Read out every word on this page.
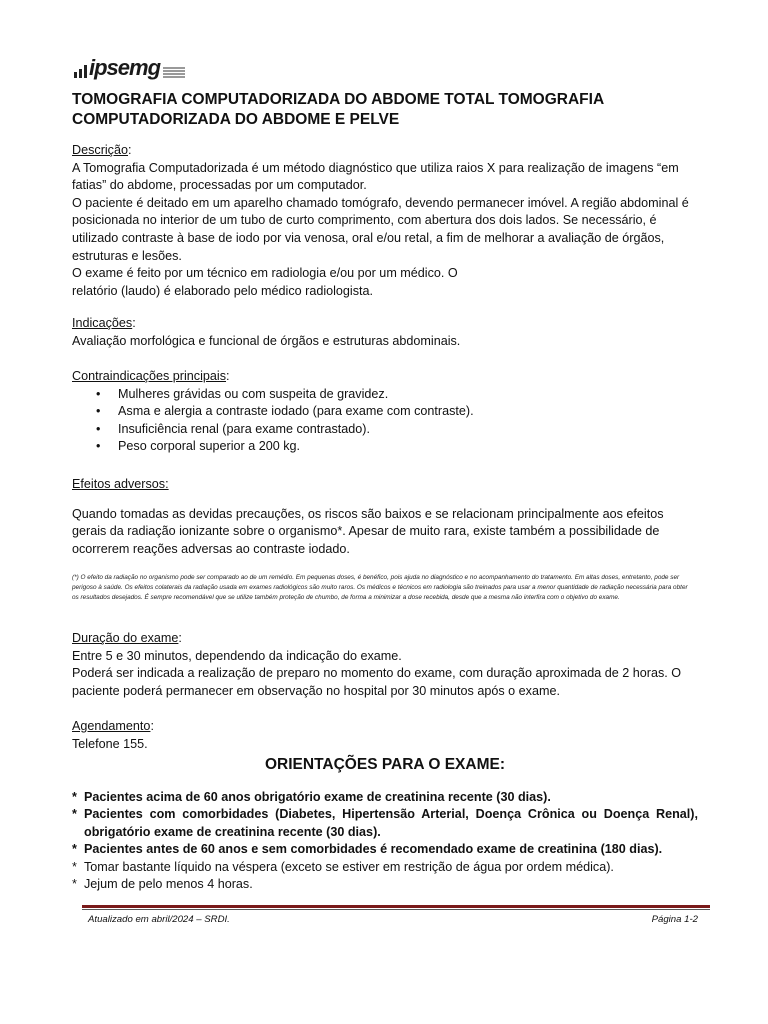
ipsemg
TOMOGRAFIA COMPUTADORIZADA DO ABDOME TOTAL TOMOGRAFIA COMPUTADORIZADA DO ABDOME E PELVE

Descrição:

A Tomografia Computadorizada é um método diagnóstico que utiliza raios X para realização de imagens “em fatias” do abdome, processadas por um computador.

O paciente é deitado em um aparelho chamado tomógrafo, devendo permanecer imóvel. A região abdominal é posicionada no interior de um tubo de curto comprimento, com abertura dos dois lados. Se necessário, é utilizado contraste à base de iodo por via venosa, oral e/ou retal, a fim de melhorar a avaliação de órgãos, estruturas e lesões.

O exame é feito por um técnico em radiologia e/ou por um médico. O

relatório (laudo) é elaborado pelo médico radiologista.

Indicações:

Avaliação morfológica e funcional de órgãos e estruturas abdominais.

Contraindicações principais:

• Mulheres grávidas ou com suspeita de gravidez.
• Asma e alergia a contraste iodado (para exame com contraste).
• Insuficiência renal (para exame contrastado).
• Peso corporal superior a 200 kg.

Efeitos adversos:

Quando tomadas as devidas precauções, os riscos são baixos e se relacionam principalmente aos efeitos gerais da radiação ionizante sobre o organismo*. Apesar de muito rara, existe também a possibilidade de ocorrerem reações adversas ao contraste iodado.

(*) O efeito da radiação no organismo pode ser comparado ao de um remédio. Em pequenas doses, é benéfico, pois ajuda no diagnóstico e no acompanhamento do tratamento. Em altas doses, entretanto, pode ser perigoso à saúde. Os efeitos colaterais da radiação usada em exames radiológicos são muito raros. Os médicos e técnicos em radiologia são treinados para usar a menor quantidade de radiação necessária para obter os resultados desejados. É sempre recomendável que se utilize também proteção de chumbo, de forma a minimizar a dose recebida, desde que a mesma não interfira com o objetivo do exame.

Duração do exame:

Entre 5 e 30 minutos, dependendo da indicação do exame.

Poderá ser indicada a realização de preparo no momento do exame, com duração aproximada de 2 horas. O paciente poderá permanecer em observação no hospital por 30 minutos após o exame.

Agendamento:

Telefone 155.

ORIENTAÇÕES PARA O EXAME:
* Pacientes acima de 60 anos obrigatório exame de creatinina recente (30 dias).
* Pacientes com comorbidades (Diabetes, Hipertensão Arterial, Doença Crônica ou Doença Renal), obrigatório exame de creatinina recente (30 dias).
* Pacientes antes de 60 anos e sem comorbidades é recomendado exame de creatinina (180 dias).
* Tomar bastante líquido na véspera (exceto se estiver em restrição de água por ordem médica).
* Jejum de pelo menos 4 horas.
Atualizado em abril/2024 – SRDI.	Página 1-2
